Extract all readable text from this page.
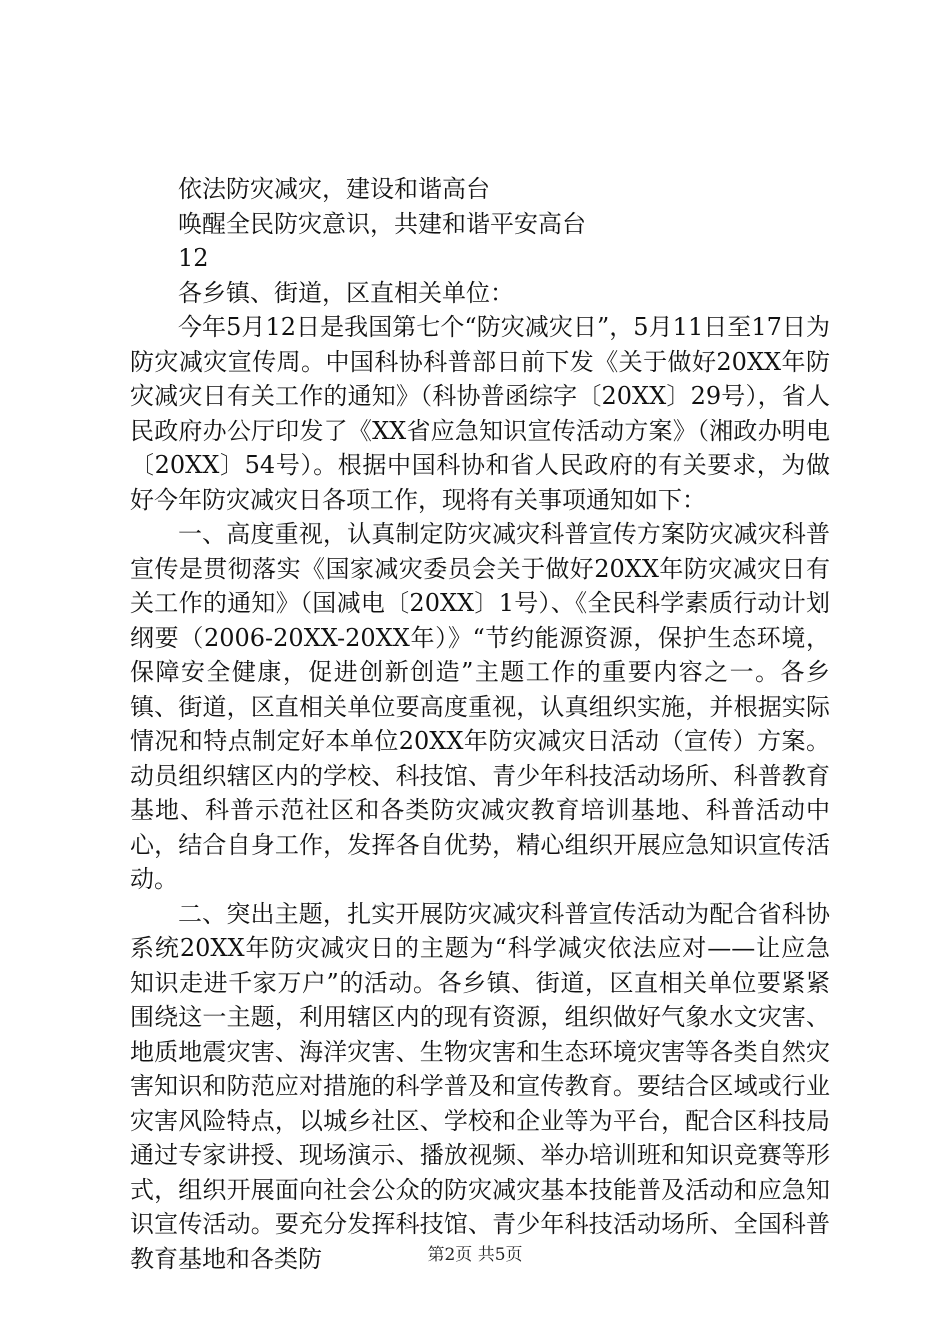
依法防灾减灾，建设和谐高台
唤醒全民防灾意识，共建和谐平安高台
12
各乡镇、街道，区直相关单位：

今年5月12日是我国第七个“防灾减灾日”，5月11日至17日为防灾减灾宣传周。中国科协科普部日前下发《关于做好20XX年防灾减灾日有关工作的通知》（科协普函综字〔20XX〕29号），省人民政府办公厅印发了《XX省应急知识宣传活动方案》（湘政办明电〔20XX〕54号）。根据中国科协和省人民政府的有关要求，为做好今年防灾减灾日各项工作，现将有关事项通知如下：

一、高度重视，认真制定防灾减灾科普宣传方案防灾减灾科普宣传是贯彻落实《国家减灾委员会关于做好20XX年防灾减灾日有关工作的通知》（国减电〔20XX〕1号）、《全民科学素质行动计划纲要（2006-20XX-20XX年）》“节约能源资源，保护生态环境，保障安全健康，促进创新创造”主题工作的重要内容之一。各乡镇、街道，区直相关单位要高度重视，认真组织实施，并根据实际情况和特点制定好本单位20XX年防灾减灾日活动（宣传）方案。动员组织辖区内的学校、科技馆、青少年科技活动场所、科普教育基地、科普示范社区和各类防灾减灾教育培训基地、科普活动中心，结合自身工作，发挥各自优势，精心组织开展应急知识宣传活动。

二、突出主题，扎实开展防灾减灾科普宣传活动为配合省科协系统20XX年防灾减灾日的主题为“科学减灾依法应对——让应急知识走进千家万户”的活动。各乡镇、街道，区直相关单位要紧紧围绕这一主题，利用辖区内的现有资源，组织做好气象水文灾害、地质地震灾害、海洋灾害、生物灾害和生态环境灾害等各类自然灾害知识和防范应对措施的科学普及和宣传教育。要结合区域或行业灾害风险特点，以城乡社区、学校和企业等为平台，配合区科技局通过专家讲授、现场演示、播放视频、举办培训班和知识竞赛等形式，组织开展面向社会公众的防灾减灾基本技能普及活动和应急知识宣传活动。要充分发挥科技馆、青少年科技活动场所、全国科普教育基地和各类防	第2页 共5页
